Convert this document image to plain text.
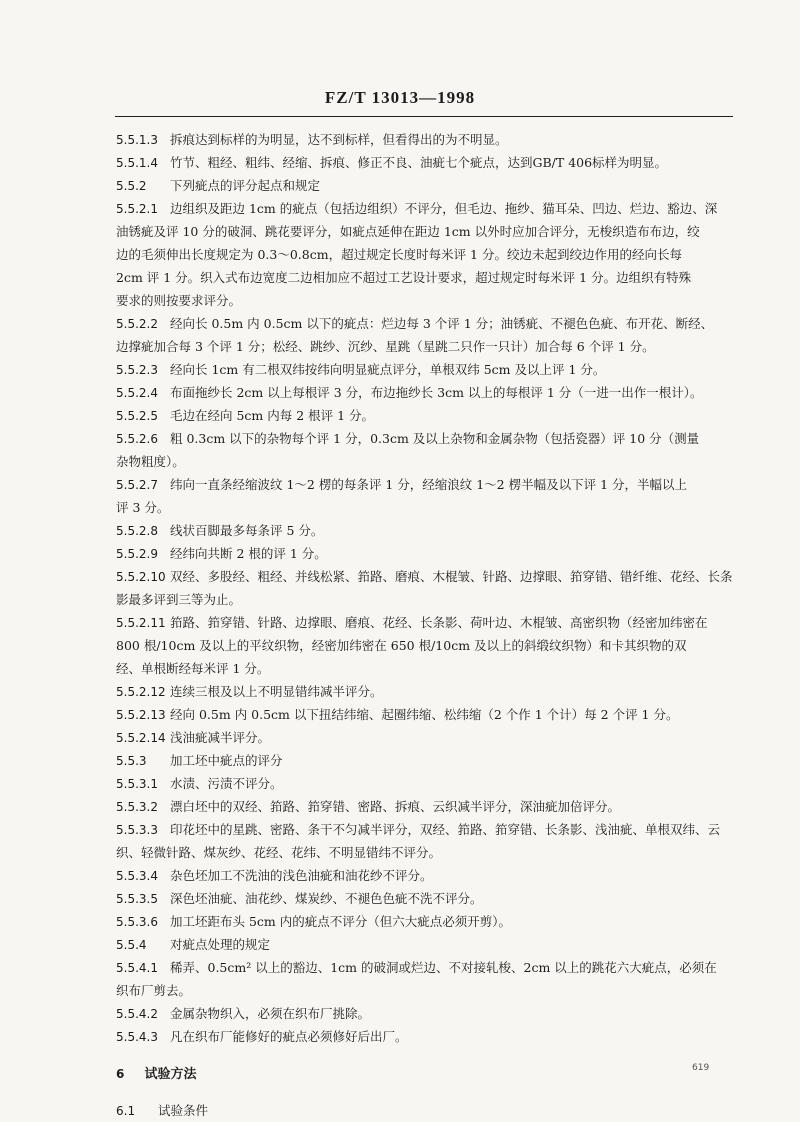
FZ/T 13013—1998
5.5.1.3 拆痕达到标样的为明显，达不到标样，但看得出的为不明显。
5.5.1.4 竹节、粗经、粗纬、经缩、拆痕、修正不良、油疵七个疵点，达到GB/T 406标样为明显。
5.5.2 下列疵点的评分起点和规定
5.5.2.1 边组织及距边 1cm 的疵点（包括边组织）不评分，但毛边、拖纱、猫耳朵、凹边、烂边、豁边、深
油锈疵及评 10 分的破洞、跳花要评分，如疵点延伸在距边 1cm 以外时应加合评分，无梭织造布布边，绞
边的毛须伸出长度规定为 0.3～0.8cm，超过规定长度时每米评 1 分。绞边未起到绞边作用的经向长每
2cm 评 1 分。织入式布边宽度二边相加应不超过工艺设计要求，超过规定时每米评 1 分。边组织有特殊
要求的则按要求评分。
5.5.2.2 经向长 0.5m 内 0.5cm 以下的疵点：烂边每 3 个评 1 分；油锈疵、不褪色色疵、布开花、断经、
边撑疵加合每 3 个评 1 分；松经、跳纱、沉纱、星跳（星跳二只作一只计）加合每 6 个评 1 分。
5.5.2.3 经向长 1cm 有二根双纬按纬向明显疵点评分，单根双纬 5cm 及以上评 1 分。
5.5.2.4 布面拖纱长 2cm 以上每根评 3 分，布边拖纱长 3cm 以上的每根评 1 分（一进一出作一根计）。
5.5.2.5 毛边在经向 5cm 内每 2 根评 1 分。
5.5.2.6 粗 0.3cm 以下的杂物每个评 1 分，0.3cm 及以上杂物和金属杂物（包括瓷器）评 10 分（测量
杂物粗度）。
5.5.2.7 纬向一直条经缩波纹 1～2 楞的每条评 1 分，经缩浪纹 1～2 楞半幅及以下评 1 分，半幅以上
评 3 分。
5.5.2.8 线状百脚最多每条评 5 分。
5.5.2.9 经纬向共断 2 根的评 1 分。
5.5.2.10 双经、多股经、粗经、并线松紧、筘路、磨痕、木棍皱、针路、边撑眼、筘穿错、错纤维、花经、长条
影最多评到三等为止。
5.5.2.11 筘路、筘穿错、针路、边撑眼、磨痕、花经、长条影、荷叶边、木棍皱、高密织物（经密加纬密在
800 根/10cm 及以上的平纹织物，经密加纬密在 650 根/10cm 及以上的斜缎纹织物）和卡其织物的双
经、单根断经每米评 1 分。
5.5.2.12 连续三根及以上不明显错纬减半评分。
5.5.2.13 经向 0.5m 内 0.5cm 以下扭结纬缩、起圈纬缩、松纬缩（2 个作 1 个计）每 2 个评 1 分。
5.5.2.14 浅油疵减半评分。
5.5.3 加工坯中疵点的评分
5.5.3.1 水渍、污渍不评分。
5.5.3.2 漂白坯中的双经、筘路、筘穿错、密路、拆痕、云织减半评分，深油疵加倍评分。
5.5.3.3 印花坯中的星跳、密路、条干不匀减半评分，双经、筘路、筘穿错、长条影、浅油疵、单根双纬、云
织、轻微针路、煤灰纱、花经、花纬、不明显错纬不评分。
5.5.3.4 杂色坯加工不洗油的浅色油疵和油花纱不评分。
5.5.3.5 深色坯油疵、油花纱、煤炭纱、不褪色色疵不洗不评分。
5.5.3.6 加工坯距布头 5cm 内的疵点不评分（但六大疵点必须开剪）。
5.5.4 对疵点处理的规定
5.5.4.1 稀弄、0.5cm² 以上的豁边、1cm 的破洞或烂边、不对接轧梭、2cm 以上的跳花六大疵点，必须在
织布厂剪去。
5.5.4.2 金属杂物织入，必须在织布厂挑除。
5.5.4.3 凡在织布厂能修好的疵点必须修好后出厂。
6 试验方法
6.1 试验条件
619
